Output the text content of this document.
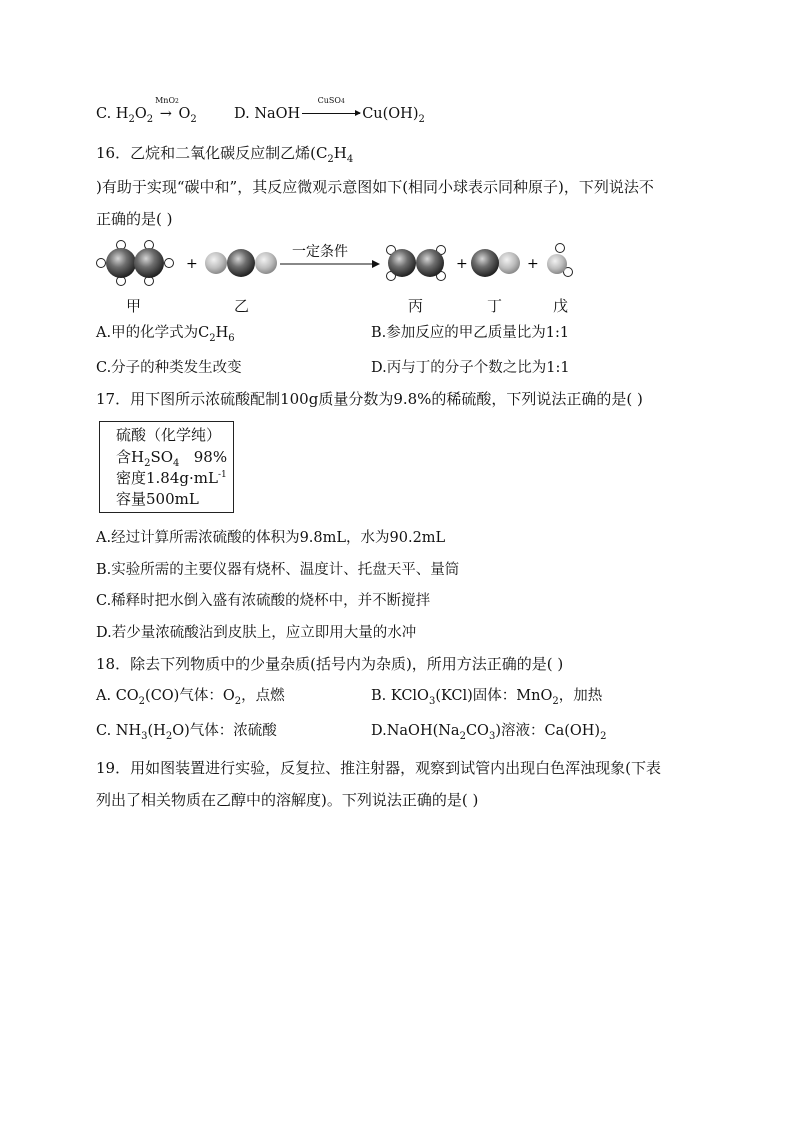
C. $H_2O_2$
MnO2
→ $O_2$	D. NaOH
CuSO4
$Cu(OH)_2$
16．乙烷和二氧化碳反应制乙烯($C_2H_4$
)有助于实现“碳中和”，其反应微观示意图如下(相同小球表示同种原子)，下列说法不
正确的是( )
+
一定条件
+	+
甲	乙	丙	丁	戊
A.甲的化学式为$C_2H_6$	B.参加反应的甲乙质量比为1:1
C.分子的种类发生改变	D.丙与丁的分子个数之比为1:1
17．用下图所示浓硫酸配制100g质量分数为9.8%的稀硫酸，下列说法正确的是( )
硫酸（化学纯）
含$H_2SO_4$   98%
密度$1.84g\cdot mL^{-1}$
容量500mL
A.经过计算所需浓硫酸的体积为9.8mL，水为90.2mL
B.实验所需的主要仪器有烧杯、温度计、托盘天平、量筒
C.稀释时把水倒入盛有浓硫酸的烧杯中，并不断搅拌
D.若少量浓硫酸沾到皮肤上，应立即用大量的水冲
18．除去下列物质中的少量杂质(括号内为杂质)，所用方法正确的是( )
A. $CO_2(CO)$气体：$O_2$，点燃	B. KClO$_3$(KCl)固体：MnO$_2$，加热
C. $NH_3(H_2O)$气体：浓硫酸	$D.NaOH(Na_2CO_3)$溶液：$Ca(OH)_2$
19．用如图装置进行实验，反复拉、推注射器，观察到试管内出现白色浑浊现象(下表
列出了相关物质在乙醇中的溶解度)。下列说法正确的是( )
